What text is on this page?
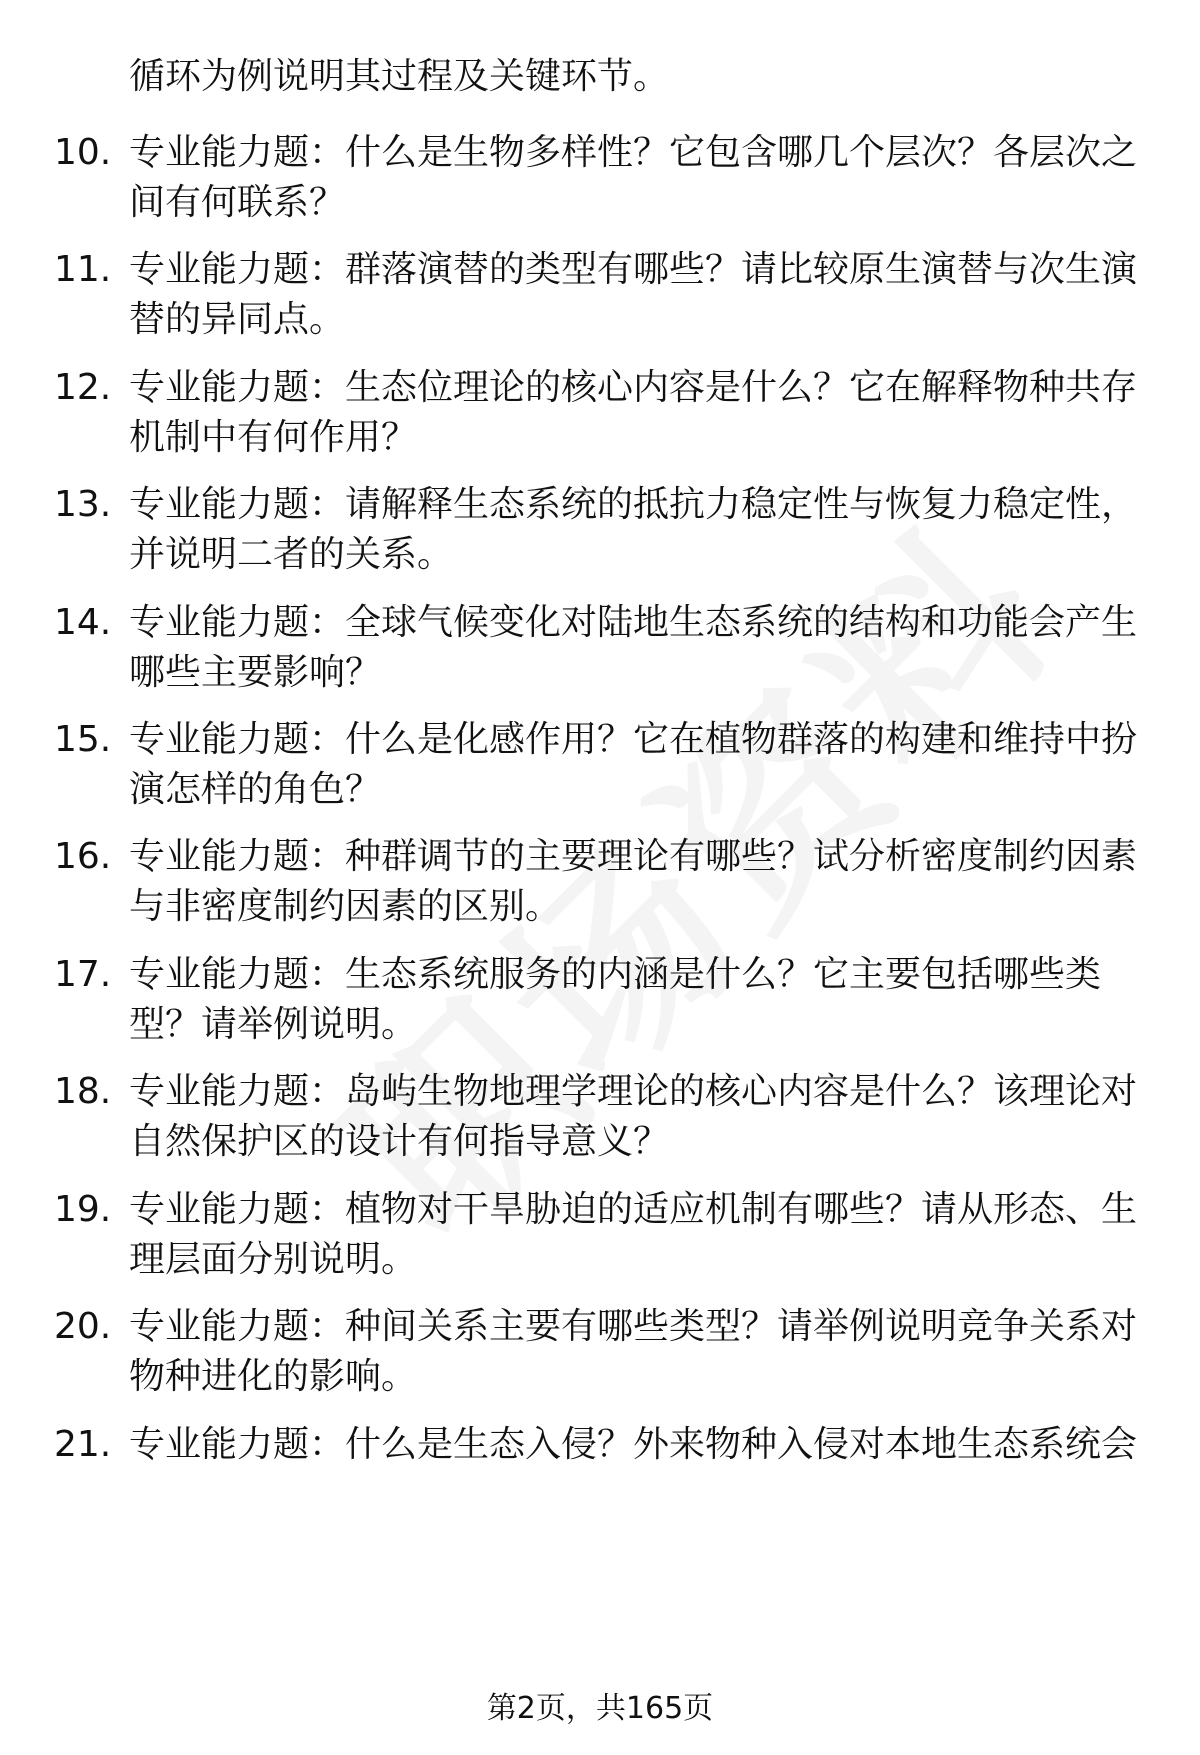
循环为例说明其过程及关键环节。
10. 专业能力题：什么是生物多样性？它包含哪几个层次？各层次之
间有何联系？
11. 专业能力题：群落演替的类型有哪些？请比较原生演替与次生演
替的异同点。
12. 专业能力题：生态位理论的核心内容是什么？它在解释物种共存
机制中有何作用？
13. 专业能力题：请解释生态系统的抵抗力稳定性与恢复力稳定性，
并说明二者的关系。
14. 专业能力题：全球气候变化对陆地生态系统的结构和功能会产生
哪些主要影响？
15. 专业能力题：什么是化感作用？它在植物群落的构建和维持中扮
演怎样的角色？
16. 专业能力题：种群调节的主要理论有哪些？试分析密度制约因素
与非密度制约因素的区别。
17. 专业能力题：生态系统服务的内涵是什么？它主要包括哪些类
型？请举例说明。
18. 专业能力题：岛屿生物地理学理论的核心内容是什么？该理论对
自然保护区的设计有何指导意义？
19. 专业能力题：植物对干旱胁迫的适应机制有哪些？请从形态、生
理层面分别说明。
20. 专业能力题：种间关系主要有哪些类型？请举例说明竞争关系对
物种进化的影响。
21. 专业能力题：什么是生态入侵？外来物种入侵对本地生态系统会
第2页，共165页
